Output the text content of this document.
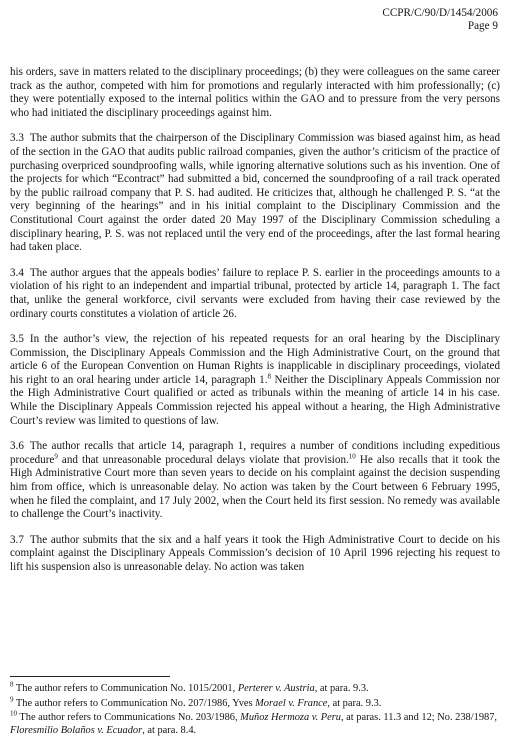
CCPR/C/90/D/1454/2006
Page 9

his orders, save in matters related to the disciplinary proceedings; (b) they were colleagues on the same career track as the author, competed with him for promotions and regularly interacted with him professionally; (c) they were potentially exposed to the internal politics within the GAO and to pressure from the very persons who had initiated the disciplinary proceedings against him.

3.3 The author submits that the chairperson of the Disciplinary Commission was biased against him, as head of the section in the GAO that audits public railroad companies, given the author’s criticism of the practice of purchasing overpriced soundproofing walls, while ignoring alternative solutions such as his invention. One of the projects for which “Econtract” had submitted a bid, concerned the soundproofing of a rail track operated by the public railroad company that P. S. had audited. He criticizes that, although he challenged P. S. “at the very beginning of the hearings” and in his initial complaint to the Disciplinary Commission and the Constitutional Court against the order dated 20 May 1997 of the Disciplinary Commission scheduling a disciplinary hearing, P. S. was not replaced until the very end of the proceedings, after the last formal hearing had taken place.

3.4 The author argues that the appeals bodies’ failure to replace P. S. earlier in the proceedings amounts to a violation of his right to an independent and impartial tribunal, protected by article 14, paragraph 1. The fact that, unlike the general workforce, civil servants were excluded from having their case reviewed by the ordinary courts constitutes a violation of article 26.

3.5 In the author’s view, the rejection of his repeated requests for an oral hearing by the Disciplinary Commission, the Disciplinary Appeals Commission and the High Administrative Court, on the ground that article 6 of the European Convention on Human Rights is inapplicable in disciplinary proceedings, violated his right to an oral hearing under article 14, paragraph 1.$^8$ Neither the Disciplinary Appeals Commission nor the High Administrative Court qualified or acted as tribunals within the meaning of article 14 in his case. While the Disciplinary Appeals Commission rejected his appeal without a hearing, the High Administrative Court’s review was limited to questions of law.

3.6 The author recalls that article 14, paragraph 1, requires a number of conditions including expeditious procedure$^9$ and that unreasonable procedural delays violate that provision.$^{10}$ He also recalls that it took the High Administrative Court more than seven years to decide on his complaint against the decision suspending him from office, which is unreasonable delay. No action was taken by the Court between 6 February 1995, when he filed the complaint, and 17 July 2002, when the Court held its first session. No remedy was available to challenge the Court’s inactivity.

3.7 The author submits that the six and a half years it took the High Administrative Court to decide on his complaint against the Disciplinary Appeals Commission’s decision of 10 April 1996 rejecting his request to lift his suspension also is unreasonable delay. No action was taken

$^8$ The author refers to Communication No. 1015/2001, Perterer v. Austria, at para. 9.3.
$^9$ The author refers to Communication No. 207/1986, Yves Morael v. France, at para. 9.3.
$^{10}$ The author refers to Communications No. 203/1986, Muñoz Hermoza v. Peru, at paras. 11.3 and 12; No. 238/1987, Floresmilio Bolaños v. Ecuador, at para. 8.4.
